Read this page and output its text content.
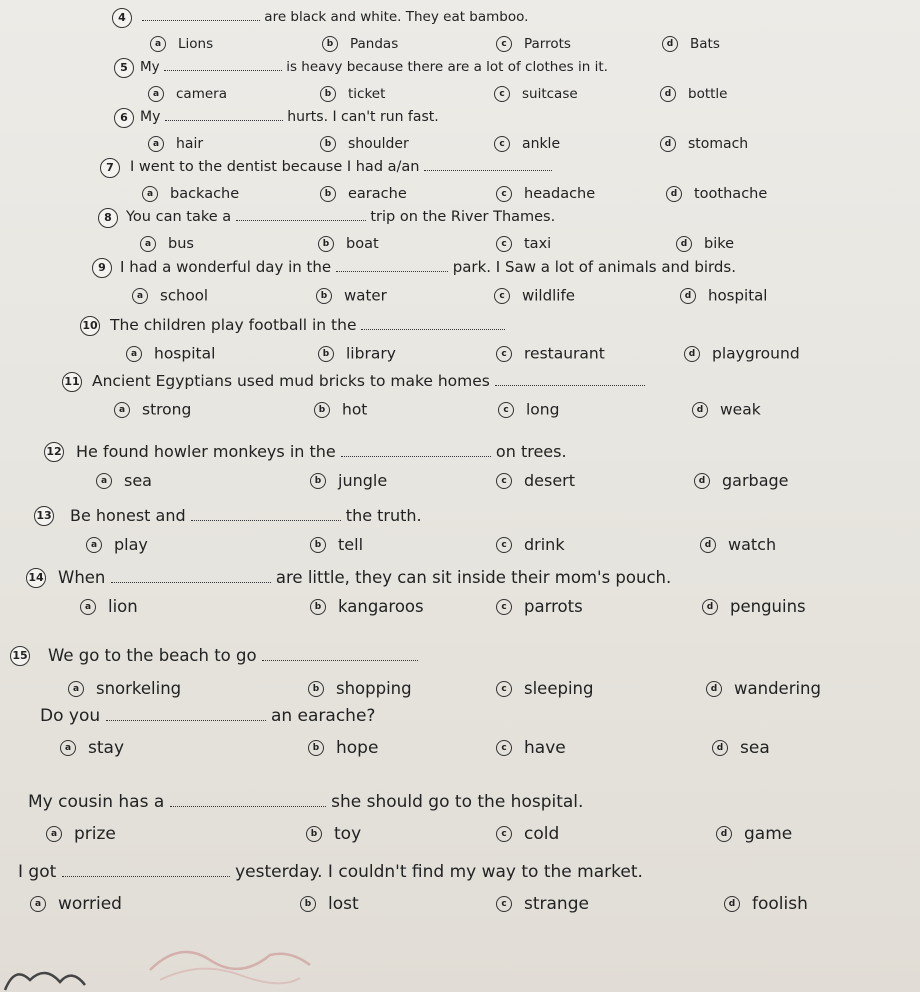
4	are black and white. They eat bamboo.
a Lions	b Pandas	c Parrots	d Bats
5 My	is heavy because there are a lot of clothes in it.
a camera	b ticket	c suitcase	d bottle
6 My	hurts. I can't run fast.
a hair	b shoulder	c ankle	d stomach
7	I went to the dentist because I had a/an
a backache	b earache	c headache	d toothache
8 You can take a	trip on the River Thames.
a bus	b boat	c taxi	d bike
9 I had a wonderful day in the	park. I Saw a lot of animals and birds.
a school	b water	c wildlife	d hospital
10 The children play football in the
a hospital	b library	c restaurant	d playground
11 Ancient Egyptians used mud bricks to make homes
a strong	b hot	c long	d weak
12 He found howler monkeys in the	on trees.
a sea	b jungle	c desert	d garbage
13 Be honest and	the truth.
a play	b tell	c drink	d watch
14 When	are little, they can sit inside their mom's pouch.
a lion	b kangaroos	c parrots	d penguins
15 We go to the beach to go
a snorkeling	b shopping	c sleeping	d wandering
Do you	an earache?
a stay	b hope	c have	d sea
My cousin has a	she should go to the hospital.
a prize	b toy	c cold	d game
I got	yesterday. I couldn't find my way to the market.
a worried	b lost	c strange	d foolish
